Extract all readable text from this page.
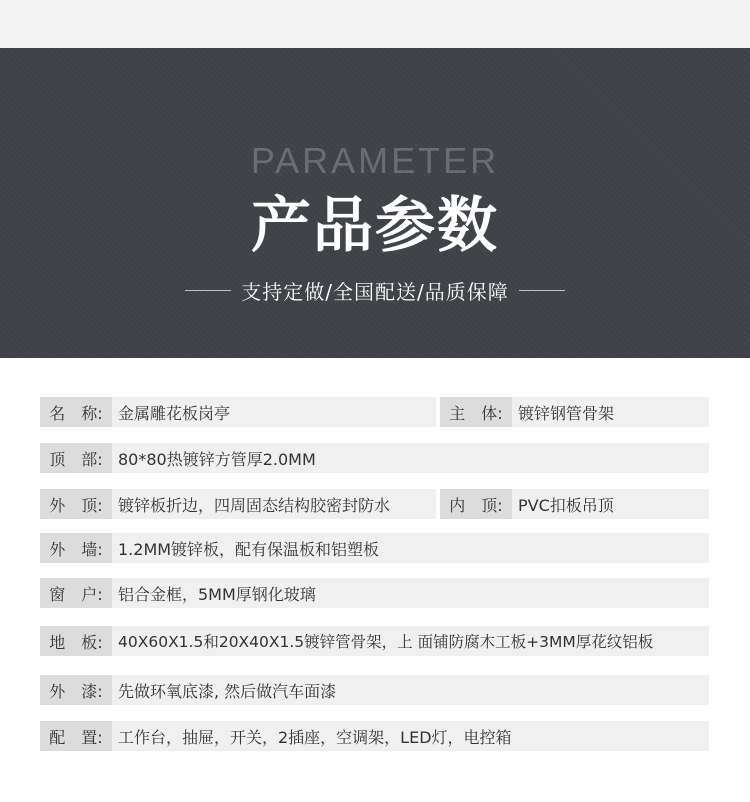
PARAMETER
产品参数
支持定做/全国配送/品质保障
名　称: 金属雕花板岗亭	主　体: 镀锌钢管骨架
顶　部: 80*80热镀锌方管厚2.0MM
外　顶: 镀锌板折边，四周固态结构胶密封防水	内　顶: PVC扣板吊顶
外　墙: 1.2MM镀锌板，配有保温板和铝塑板
窗　户: 铝合金框，5MM厚钢化玻璃
地　板: 40X60X1.5和20X40X1.5镀锌管骨架，上 面铺防腐木工板+3MM厚花纹铝板
外　漆: 先做环氧底漆, 然后做汽车面漆
配　置: 工作台，抽屉，开关，2插座，空调架，LED灯，电控箱
